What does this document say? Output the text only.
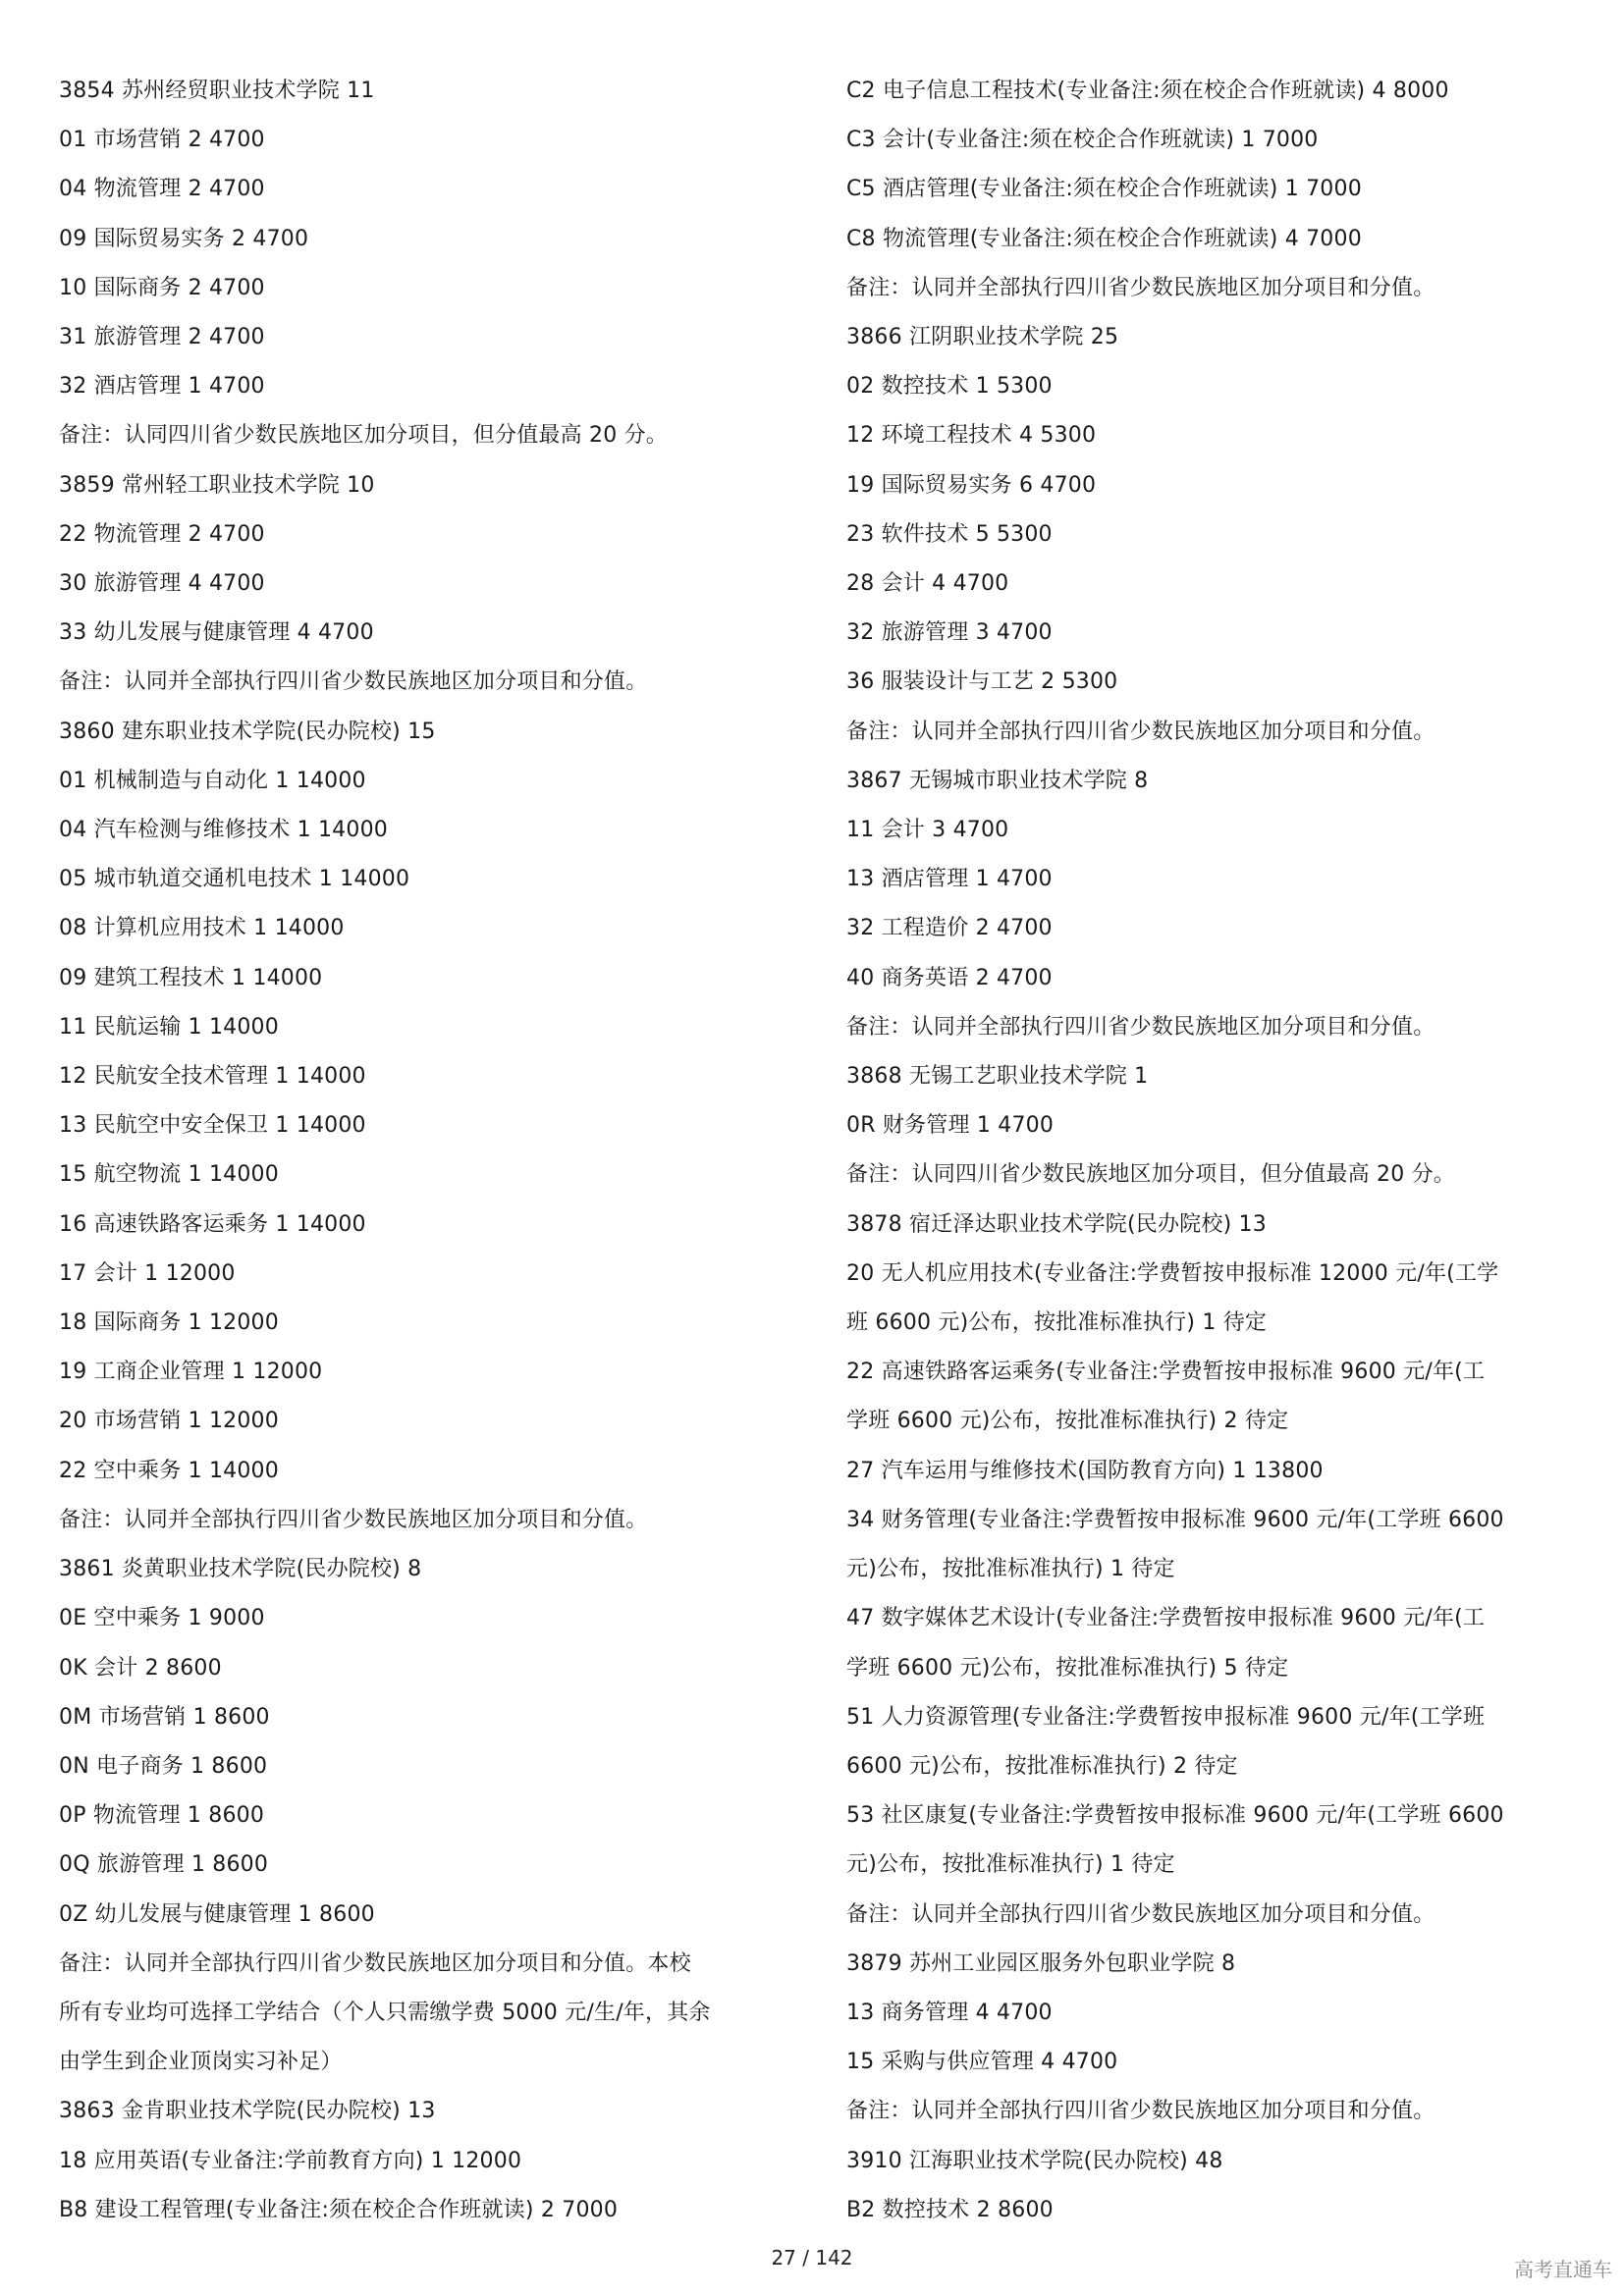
3854 苏州经贸职业技术学院 11
01 市场营销 2 4700
04 物流管理 2 4700
09 国际贸易实务 2 4700
10 国际商务 2 4700
31 旅游管理 2 4700
32 酒店管理 1 4700
备注：认同四川省少数民族地区加分项目，但分值最高 20 分。
3859 常州轻工职业技术学院 10
22 物流管理 2 4700
30 旅游管理 4 4700
33 幼儿发展与健康管理 4 4700
备注：认同并全部执行四川省少数民族地区加分项目和分值。
3860 建东职业技术学院(民办院校) 15
01 机械制造与自动化 1 14000
04 汽车检测与维修技术 1 14000
05 城市轨道交通机电技术 1 14000
08 计算机应用技术 1 14000
09 建筑工程技术 1 14000
11 民航运输 1 14000
12 民航安全技术管理 1 14000
13 民航空中安全保卫 1 14000
15 航空物流 1 14000
16 高速铁路客运乘务 1 14000
17 会计 1 12000
18 国际商务 1 12000
19 工商企业管理 1 12000
20 市场营销 1 12000
22 空中乘务 1 14000
备注：认同并全部执行四川省少数民族地区加分项目和分值。
3861 炎黄职业技术学院(民办院校) 8
0E 空中乘务 1 9000
0K 会计 2 8600
0M 市场营销 1 8600
0N 电子商务 1 8600
0P 物流管理 1 8600
0Q 旅游管理 1 8600
0Z 幼儿发展与健康管理 1 8600
备注：认同并全部执行四川省少数民族地区加分项目和分值。本校
所有专业均可选择工学结合（个人只需缴学费 5000 元/生/年，其余
由学生到企业顶岗实习补足）
3863 金肯职业技术学院(民办院校) 13
18 应用英语(专业备注:学前教育方向) 1 12000
B8 建设工程管理(专业备注:须在校企合作班就读) 2 7000
C2 电子信息工程技术(专业备注:须在校企合作班就读) 4 8000
C3 会计(专业备注:须在校企合作班就读) 1 7000
C5 酒店管理(专业备注:须在校企合作班就读) 1 7000
C8 物流管理(专业备注:须在校企合作班就读) 4 7000
备注：认同并全部执行四川省少数民族地区加分项目和分值。
3866 江阴职业技术学院 25
02 数控技术 1 5300
12 环境工程技术 4 5300
19 国际贸易实务 6 4700
23 软件技术 5 5300
28 会计 4 4700
32 旅游管理 3 4700
36 服装设计与工艺 2 5300
备注：认同并全部执行四川省少数民族地区加分项目和分值。
3867 无锡城市职业技术学院 8
11 会计 3 4700
13 酒店管理 1 4700
32 工程造价 2 4700
40 商务英语 2 4700
备注：认同并全部执行四川省少数民族地区加分项目和分值。
3868 无锡工艺职业技术学院 1
0R 财务管理 1 4700
备注：认同四川省少数民族地区加分项目，但分值最高 20 分。
3878 宿迁泽达职业技术学院(民办院校) 13
20 无人机应用技术(专业备注:学费暂按申报标准 12000 元/年(工学
班 6600 元)公布，按批准标准执行) 1 待定
22 高速铁路客运乘务(专业备注:学费暂按申报标准 9600 元/年(工
学班 6600 元)公布，按批准标准执行) 2 待定
27 汽车运用与维修技术(国防教育方向) 1 13800
34 财务管理(专业备注:学费暂按申报标准 9600 元/年(工学班 6600
元)公布，按批准标准执行) 1 待定
47 数字媒体艺术设计(专业备注:学费暂按申报标准 9600 元/年(工
学班 6600 元)公布，按批准标准执行) 5 待定
51 人力资源管理(专业备注:学费暂按申报标准 9600 元/年(工学班
6600 元)公布，按批准标准执行) 2 待定
53 社区康复(专业备注:学费暂按申报标准 9600 元/年(工学班 6600
元)公布，按批准标准执行) 1 待定
备注：认同并全部执行四川省少数民族地区加分项目和分值。
3879 苏州工业园区服务外包职业学院 8
13 商务管理 4 4700
15 采购与供应管理 4 4700
备注：认同并全部执行四川省少数民族地区加分项目和分值。
3910 江海职业技术学院(民办院校) 48
B2 数控技术 2 8600
27 / 142	高考直通车
